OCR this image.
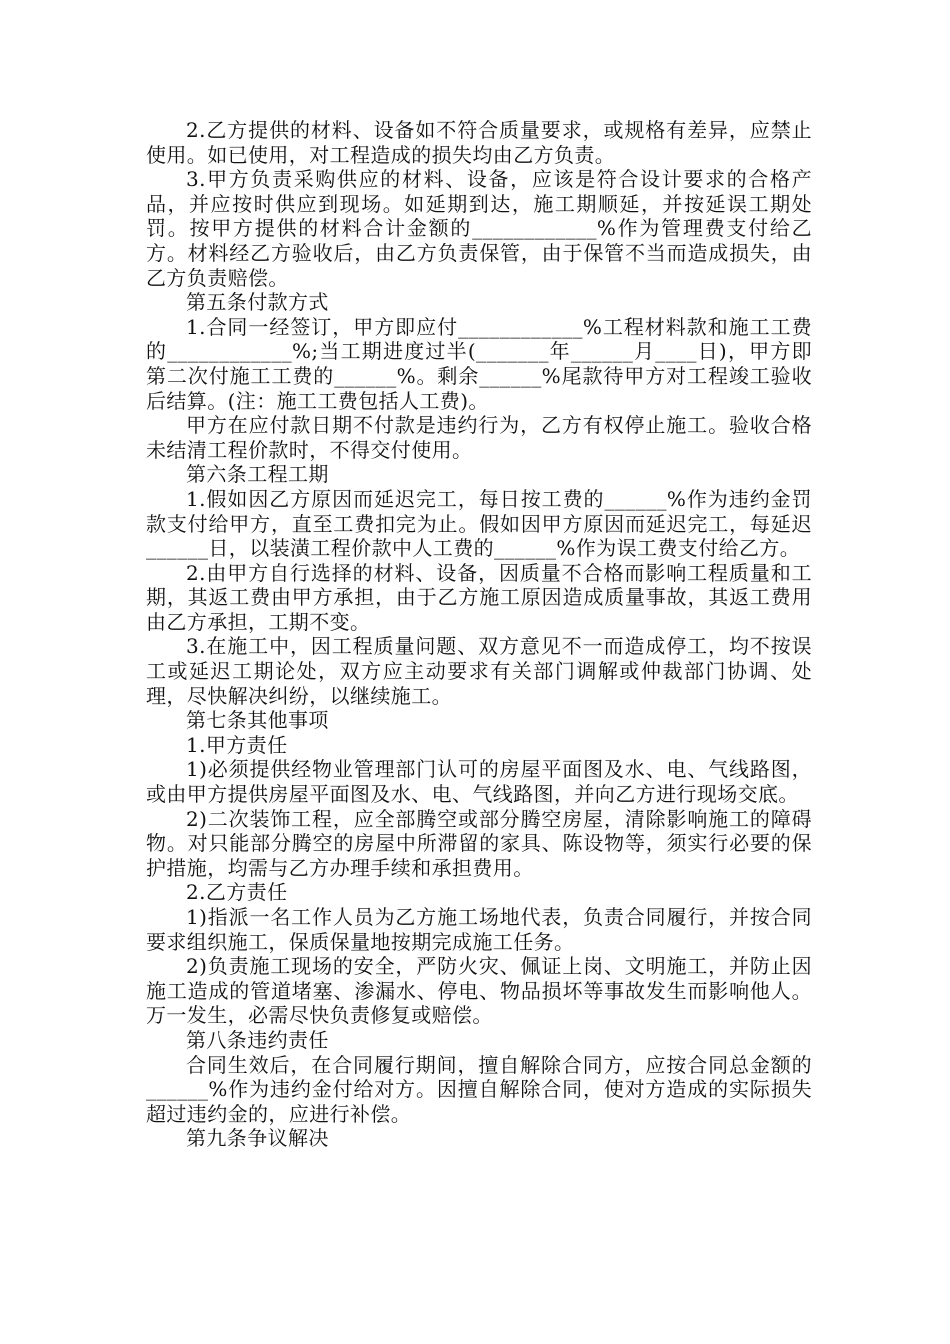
2.乙方提供的材料、设备如不符合质量要求，或规格有差异，应禁止使用。如已使用，对工程造成的损失均由乙方负责。

3.甲方负责采购供应的材料、设备，应该是符合设计要求的合格产品，并应按时供应到现场。如延期到达，施工期顺延，并按延误工期处罚。按甲方提供的材料合计金额的____________%作为管理费支付给乙方。材料经乙方验收后，由乙方负责保管，由于保管不当而造成损失，由乙方负责赔偿。

第五条付款方式

1.合同一经签订，甲方即应付____________%工程材料款和施工工费的____________%;当工期进度过半(_______年______月____日)，甲方即第二次付施工工费的______%。剩余______%尾款待甲方对工程竣工验收后结算。(注：施工工费包括人工费)。

甲方在应付款日期不付款是违约行为，乙方有权停止施工。验收合格未结清工程价款时，不得交付使用。

第六条工程工期

1.假如因乙方原因而延迟完工，每日按工费的______%作为违约金罚款支付给甲方，直至工费扣完为止。假如因甲方原因而延迟完工，每延迟______日，以装潢工程价款中人工费的______%作为误工费支付给乙方。

2.由甲方自行选择的材料、设备，因质量不合格而影响工程质量和工期，其返工费由甲方承担，由于乙方施工原因造成质量事故，其返工费用由乙方承担，工期不变。

3.在施工中，因工程质量问题、双方意见不一而造成停工，均不按误工或延迟工期论处，双方应主动要求有关部门调解或仲裁部门协调、处理，尽快解决纠纷，以继续施工。

第七条其他事项

1.甲方责任

1)必须提供经物业管理部门认可的房屋平面图及水、电、气线路图，或由甲方提供房屋平面图及水、电、气线路图，并向乙方进行现场交底。

2)二次装饰工程，应全部腾空或部分腾空房屋，清除影响施工的障碍物。对只能部分腾空的房屋中所滞留的家具、陈设物等，须实行必要的保护措施，均需与乙方办理手续和承担费用。

2.乙方责任

1)指派一名工作人员为乙方施工场地代表，负责合同履行，并按合同要求组织施工，保质保量地按期完成施工任务。

2)负责施工现场的安全，严防火灾、佩证上岗、文明施工，并防止因施工造成的管道堵塞、渗漏水、停电、物品损坏等事故发生而影响他人。万一发生，必需尽快负责修复或赔偿。

第八条违约责任

合同生效后，在合同履行期间，擅自解除合同方，应按合同总金额的______%作为违约金付给对方。因擅自解除合同，使对方造成的实际损失超过违约金的，应进行补偿。

第九条争议解决
